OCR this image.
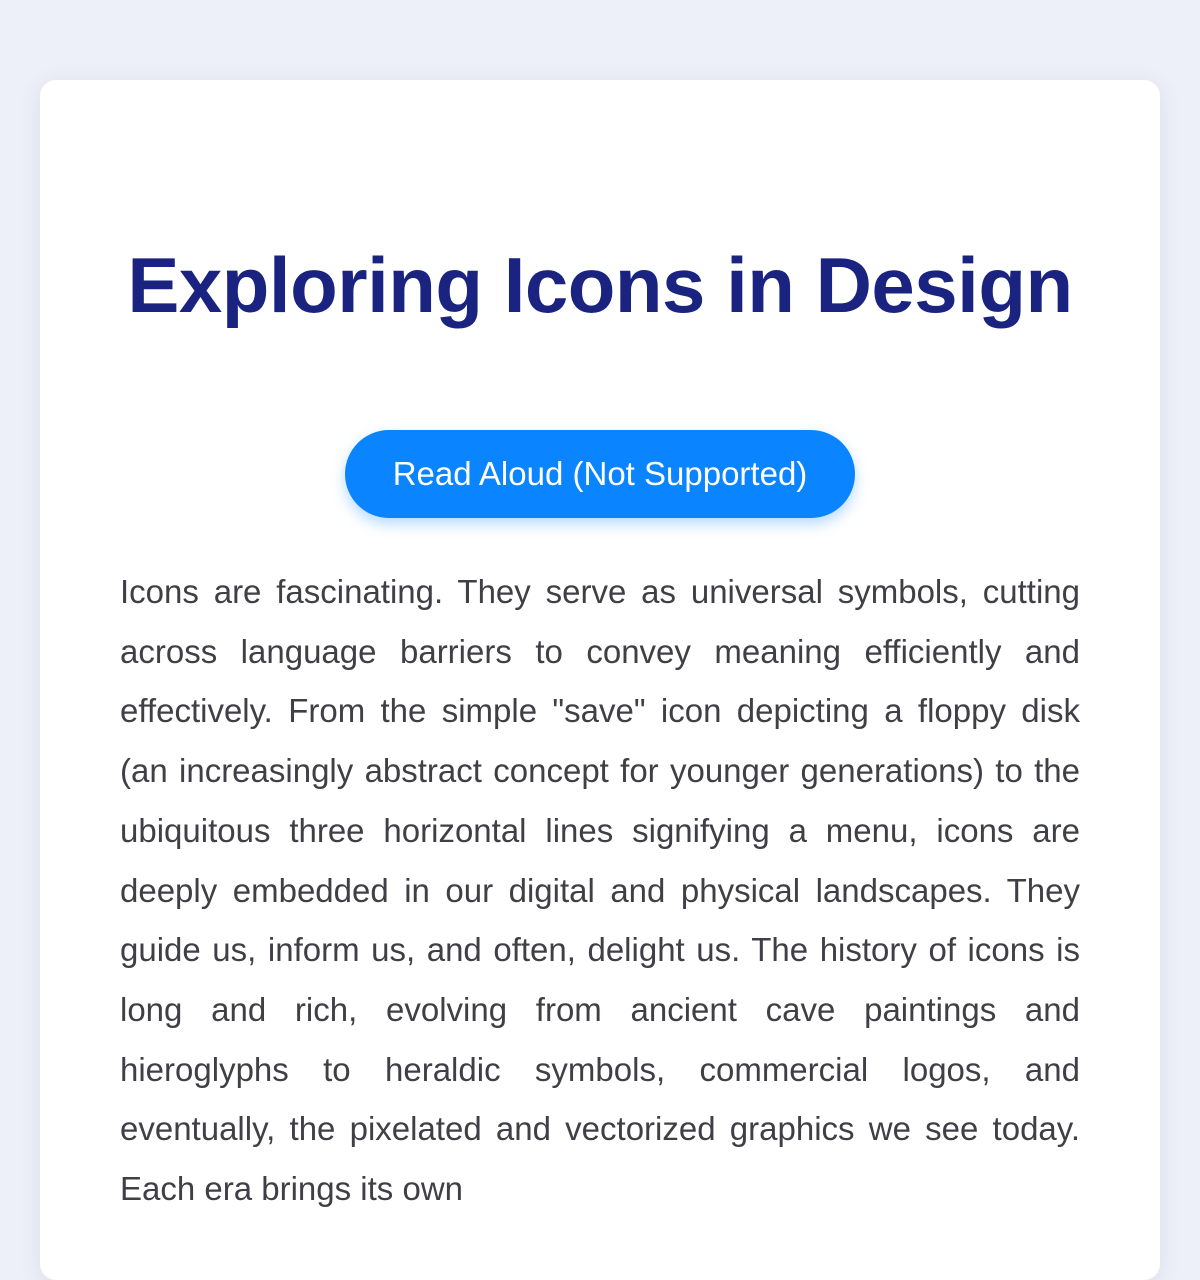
Exploring Icons in Design
Read Aloud (Not Supported)

Icons are fascinating. They serve as universal symbols, cutting across language barriers to convey meaning efficiently and effectively. From the simple "save" icon depicting a floppy disk (an increasingly abstract concept for younger generations) to the ubiquitous three horizontal lines signifying a menu, icons are deeply embedded in our digital and physical landscapes. They guide us, inform us, and often, delight us. The history of icons is long and rich, evolving from ancient cave paintings and hieroglyphs to heraldic symbols, commercial logos, and eventually, the pixelated and vectorized graphics we see today. Each era brings its own
